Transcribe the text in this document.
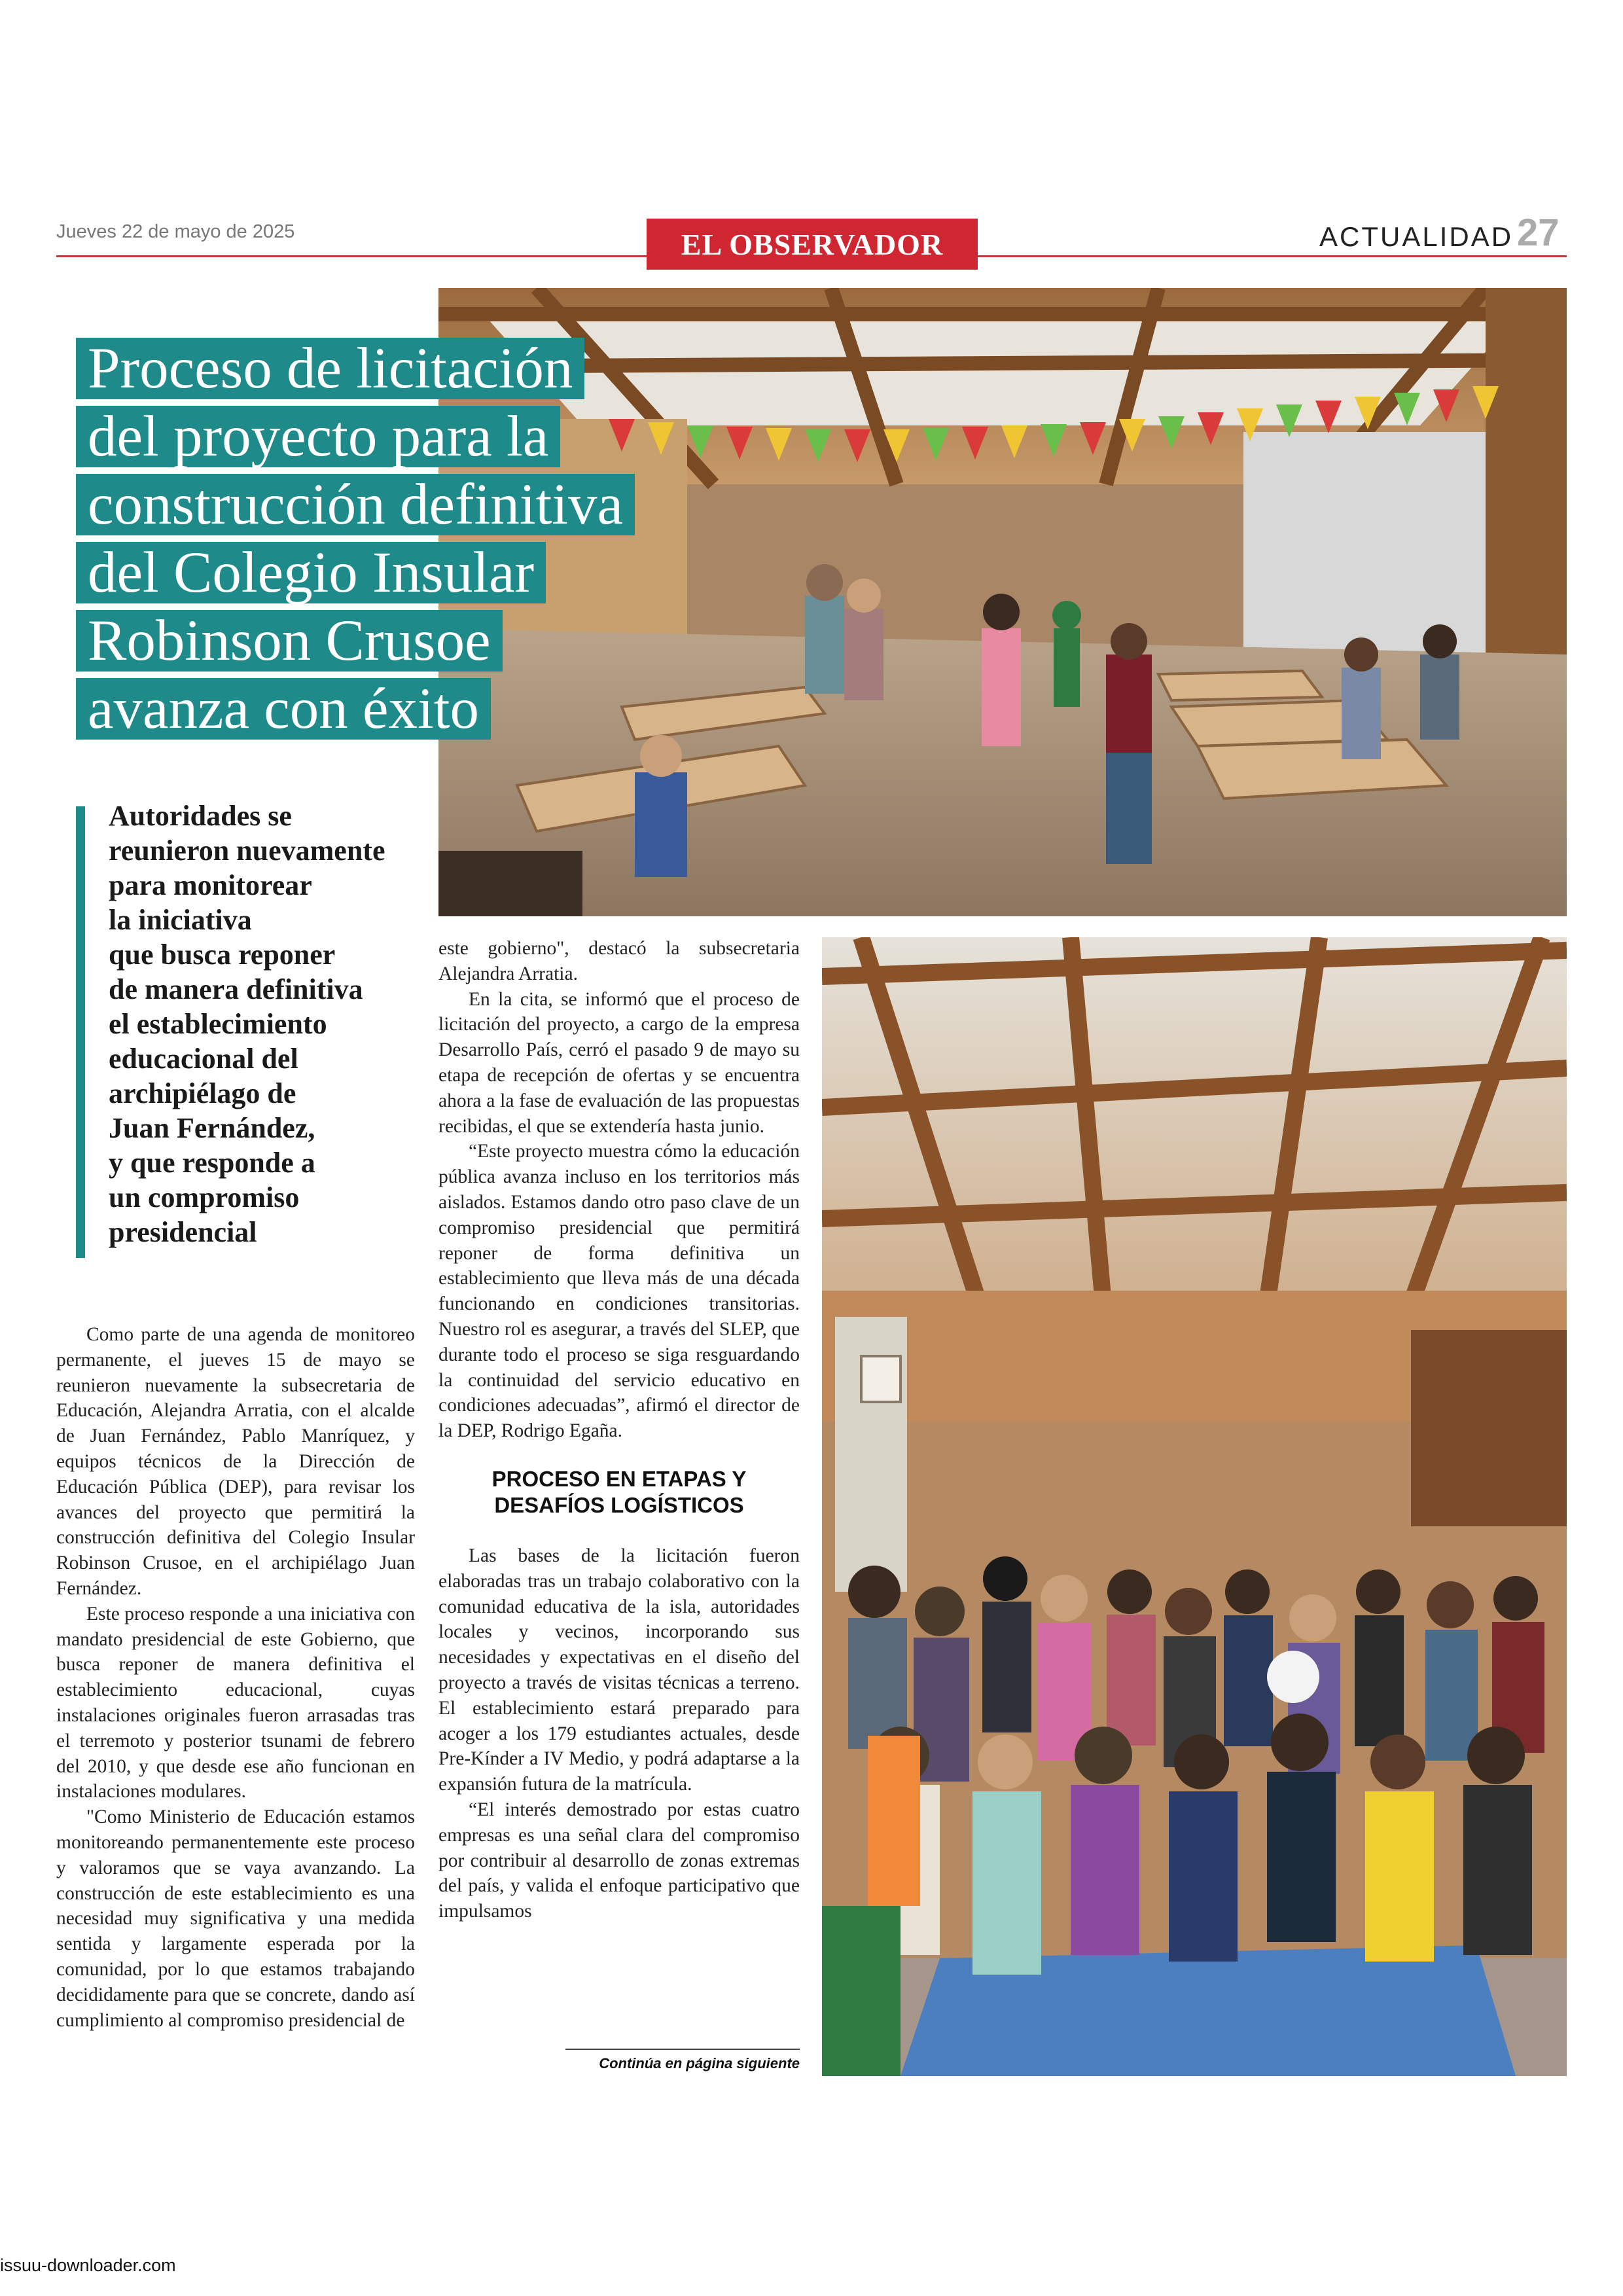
Jueves 22 de mayo de 2025	EL OBSERVADOR	ACTUALIDAD 27
Proceso de licitación
del proyecto para la
construcción definitiva
del Colegio Insular
Robinson Crusoe
avanza con éxito
Autoridades se
reunieron nuevamente
para monitorear
la iniciativa
que busca reponer
de manera definitiva
el establecimiento
educacional del
archipiélago de
Juan Fernández,
y que responde a
un compromiso
presidencial

Como parte de una agenda de monitoreo permanente, el jueves 15 de mayo se reunieron nuevamente la subsecretaria de Educación, Alejandra Arratia, con el alcalde de Juan Fernández, Pablo Manríquez, y equipos técnicos de la Dirección de Educación Pública (DEP), para revisar los avances del proyecto que permitirá la construcción definitiva del Colegio Insular Robinson Crusoe, en el archipiélago Juan Fernández.

Este proceso responde a una iniciativa con mandato presidencial de este Gobierno, que busca reponer de manera definitiva el establecimiento educacional, cuyas instalaciones originales fueron arrasadas tras el terremoto y posterior tsunami de febrero del 2010, y que desde ese año funcionan en instalaciones modulares.

"Como Ministerio de Educación estamos monitoreando permanentemente este proceso y valoramos que se vaya avanzando. La construcción de este establecimiento es una necesidad muy significativa y una medida sentida y largamente esperada por la comunidad, por lo que estamos trabajando decididamente para que se concrete, dando así cumplimiento al compromiso presidencial de

este gobierno", destacó la subsecretaria Alejandra Arratia.

En la cita, se informó que el proceso de licitación del proyecto, a cargo de la empresa Desarrollo País, cerró el pasado 9 de mayo su etapa de recepción de ofertas y se encuentra ahora a la fase de evaluación de las propuestas recibidas, el que se extendería hasta junio.

“Este proyecto muestra cómo la educación pública avanza incluso en los territorios más aislados. Estamos dando otro paso clave de un compromiso presidencial que permitirá reponer de forma definitiva un establecimiento que lleva más de una década funcionando en condiciones transitorias. Nuestro rol es asegurar, a través del SLEP, que durante todo el proceso se siga resguardando la continuidad del servicio educativo en condiciones adecuadas”, afirmó el director de la DEP, Rodrigo Egaña.

PROCESO EN ETAPAS Y
DESAFÍOS LOGÍSTICOS

Las bases de la licitación fueron elaboradas tras un trabajo colaborativo con la comunidad educativa de la isla, autoridades locales y vecinos, incorporando sus necesidades y expectativas en el diseño del proyecto a través de visitas técnicas a terreno. El establecimiento estará preparado para acoger a los 179 estudiantes actuales, desde Pre-Kínder a IV Medio, y podrá adaptarse a la expansión futura de la matrícula.

“El interés demostrado por estas cuatro empresas es una señal clara del compromiso por contribuir al desarrollo de zonas extremas del país, y valida el enfoque participativo que impulsamos

Continúa en página siguiente
issuu-downloader.com
